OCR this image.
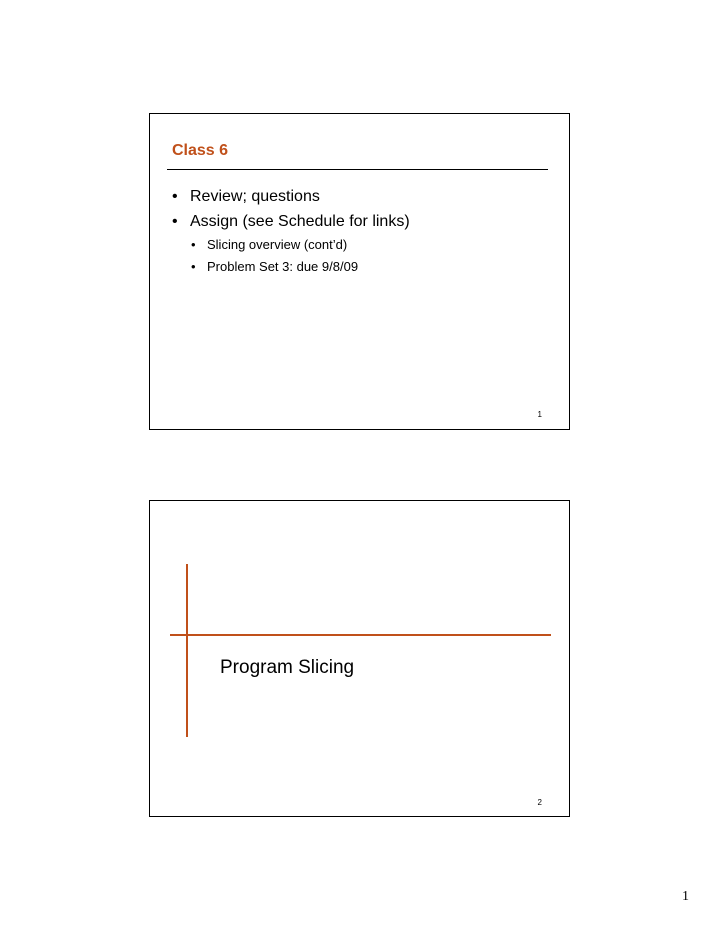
Class 6
• Review; questions
• Assign (see Schedule for links)
• Slicing overview (cont’d)
• Problem Set 3: due 9/8/09
1
Program Slicing
2
1
